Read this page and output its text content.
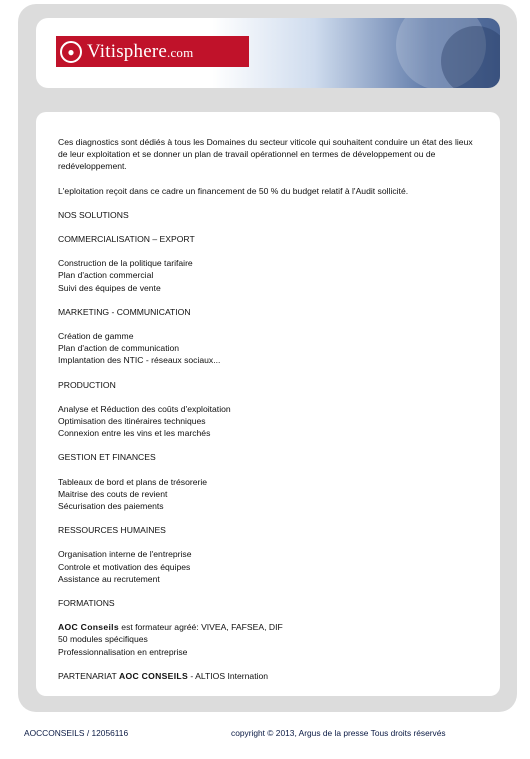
● Vitisphere.com

Ces diagnostics sont dédiés à tous les Domaines du secteur viticole qui souhaitent conduire un état des lieux de leur exploitation et se donner un plan de travail opérationnel en termes de développement ou de redéveloppement.

L'eploitation reçoit dans ce cadre un financement de 50 % du budget relatif à l'Audit sollicité.

NOS SOLUTIONS
COMMERCIALISATION – EXPORT

Construction de la politique tarifaire
Plan d'action commercial
Suivi des équipes de vente

MARKETING - COMMUNICATION

Création de gamme
Plan d'action de communication
Implantation des NTIC - réseaux sociaux...

PRODUCTION

Analyse et Réduction des coûts d'exploitation
Optimisation des itinéraires techniques
Connexion entre les vins et les marchés

GESTION ET FINANCES

Tableaux de bord et plans de trésorerie
Maitrise des couts de revient
Sécurisation des paiements

RESSOURCES HUMAINES

Organisation interne de l'entreprise
Controle et motivation des équipes
Assistance au recrutement

FORMATIONS

AOC Conseils est formateur agréé: VIVEA, FAFSEA, DIF
50 modules spécifiques
Professionnalisation en entreprise

PARTENARIAT AOC CONSEILS - ALTIOS Internation

AOCCONSEILS / 12056116	copyright © 2013, Argus de la presse Tous droits réservés
